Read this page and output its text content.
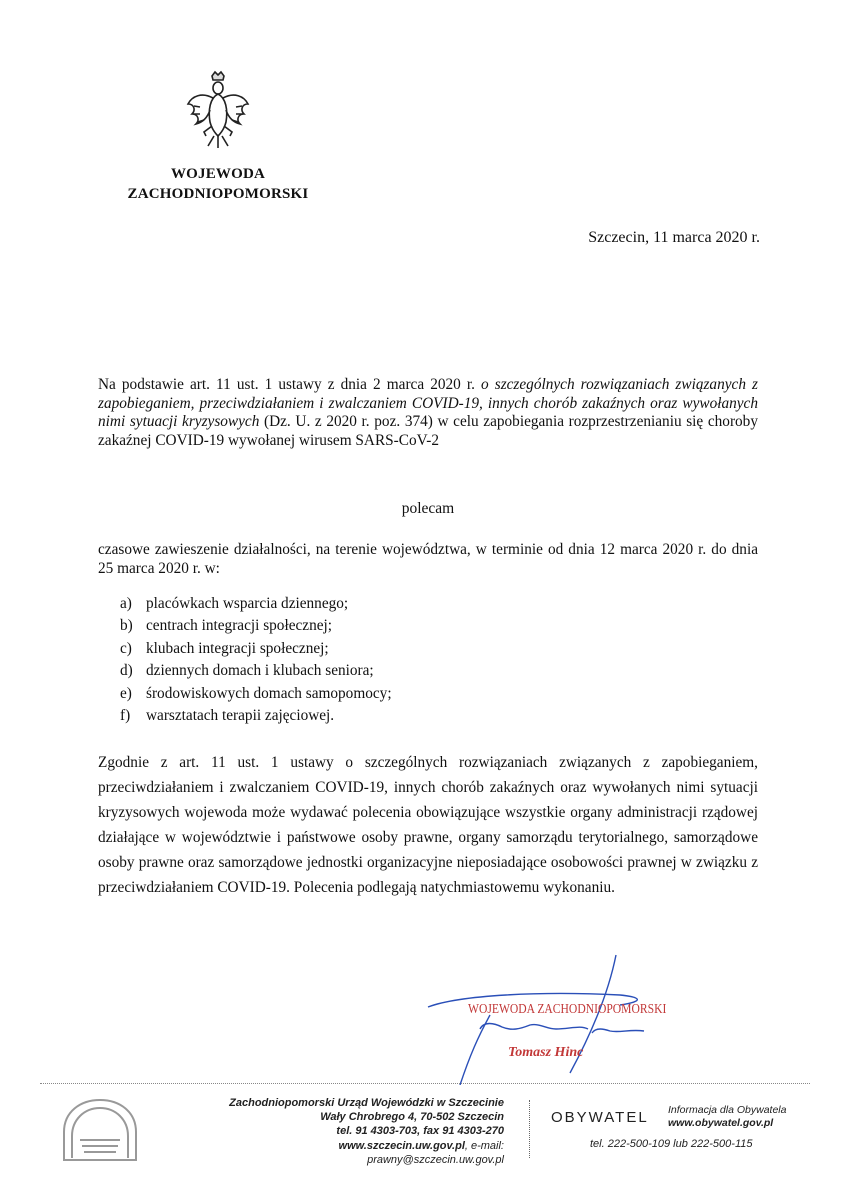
WOJEWODA
ZACHODNIOPOMORSKI
Szczecin, 11 marca 2020 r.
Na podstawie art. 11 ust. 1 ustawy z dnia 2 marca 2020 r. o szczególnych rozwiązaniach związanych z zapobieganiem, przeciwdziałaniem i zwalczaniem COVID-19, innych chorób zakaźnych oraz wywołanych nimi sytuacji kryzysowych (Dz. U. z 2020 r. poz. 374) w celu zapobiegania rozprzestrzenianiu się choroby zakaźnej COVID-19 wywołanej wirusem SARS-CoV-2
polecam
czasowe zawieszenie działalności, na terenie województwa, w terminie od dnia 12 marca 2020 r. do dnia 25 marca 2020 r. w:
a) placówkach wsparcia dziennego;
b) centrach integracji społecznej;
c) klubach integracji społecznej;
d) dziennych domach i klubach seniora;
e) środowiskowych domach samopomocy;
f) warsztatach terapii zajęciowej.
Zgodnie z art. 11 ust. 1 ustawy o szczególnych rozwiązaniach związanych z zapobieganiem, przeciwdziałaniem i zwalczaniem COVID-19, innych chorób zakaźnych oraz wywołanych nimi sytuacji kryzysowych wojewoda może wydawać polecenia obowiązujące wszystkie organy administracji rządowej działające w województwie i państwowe osoby prawne, organy samorządu terytorialnego, samorządowe osoby prawne oraz samorządowe jednostki organizacyjne nieposiadające osobowości prawnej w związku z przeciwdziałaniem COVID-19. Polecenia podlegają natychmiastowemu wykonaniu.
WOJEWODA ZACHODNIOPOMORSKI
Tomasz Hinc
Zachodniopomorski Urząd Wojewódzki w Szczecinie
Wały Chrobrego 4, 70-502 Szczecin
tel. 91 4303-703, fax 91 4303-270
www.szczecin.uw.gov.pl, e-mail: prawny@szczecin.uw.gov.pl
OBYWATEL Informacja dla Obywatela
www.obywatel.gov.pl
tel. 222-500-109 lub 222-500-115
